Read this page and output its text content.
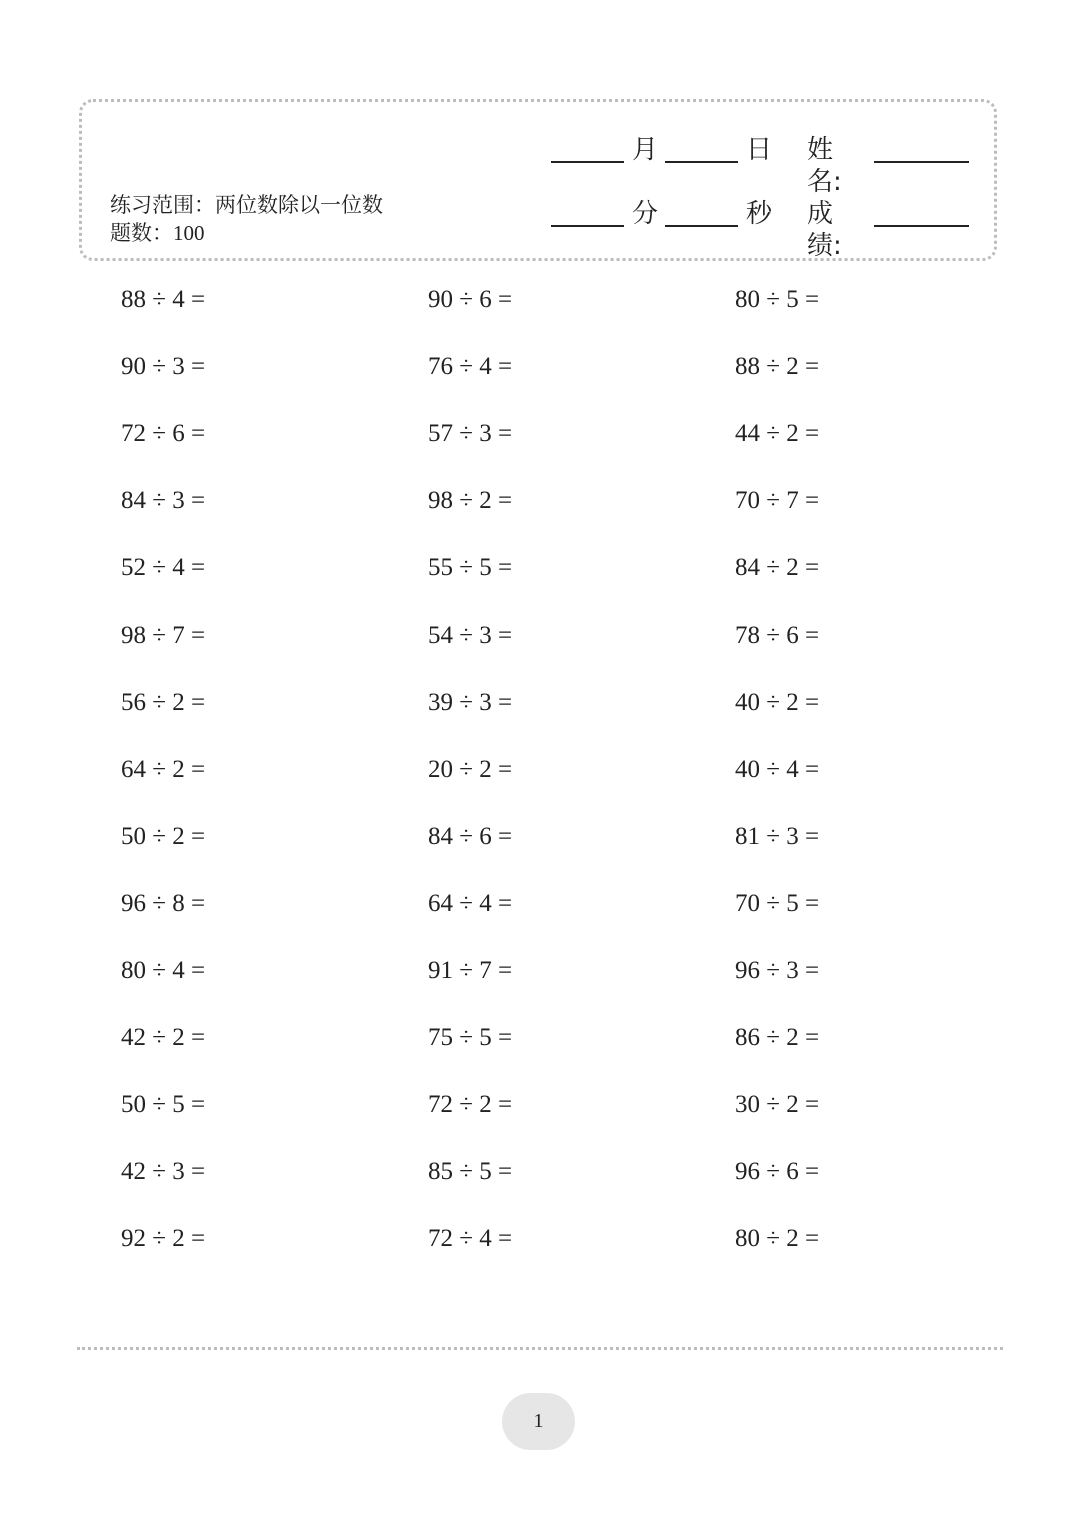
月	日 姓名:
分	秒 成绩:
练习范围：两位数除以一位数 题数：100
88 ÷ 4 =
90 ÷ 3 =
72 ÷ 6 =
84 ÷ 3 =
52 ÷ 4 =
98 ÷ 7 =
56 ÷ 2 =
64 ÷ 2 =
50 ÷ 2 =
96 ÷ 8 =
80 ÷ 4 =
42 ÷ 2 =
50 ÷ 5 =
42 ÷ 3 =
92 ÷ 2 =
90 ÷ 6 =
76 ÷ 4 =
57 ÷ 3 =
98 ÷ 2 =
55 ÷ 5 =
54 ÷ 3 =
39 ÷ 3 =
20 ÷ 2 =
84 ÷ 6 =
64 ÷ 4 =
91 ÷ 7 =
75 ÷ 5 =
72 ÷ 2 =
85 ÷ 5 =
72 ÷ 4 =
80 ÷ 5 =
88 ÷ 2 =
44 ÷ 2 =
70 ÷ 7 =
84 ÷ 2 =
78 ÷ 6 =
40 ÷ 2 =
40 ÷ 4 =
81 ÷ 3 =
70 ÷ 5 =
96 ÷ 3 =
86 ÷ 2 =
30 ÷ 2 =
96 ÷ 6 =
80 ÷ 2 =
1
